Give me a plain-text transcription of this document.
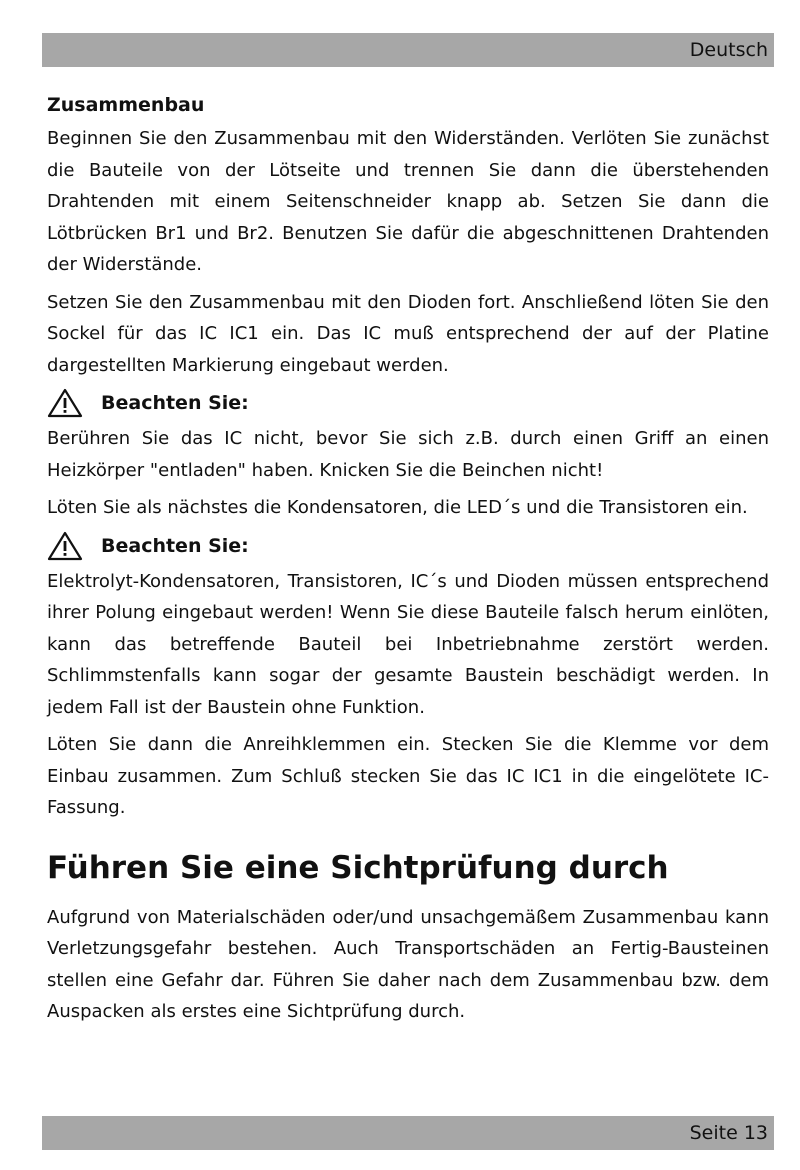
Deutsch
Zusammenbau

Beginnen Sie den Zusammenbau mit den Widerständen. Verlöten Sie zunächst die Bauteile von der Lötseite und trennen Sie dann die überstehenden Drahtenden mit einem Seitenschneider knapp ab. Setzen Sie dann die Lötbrücken Br1 und Br2. Benutzen Sie dafür die abgeschnittenen Drahtenden der Widerstände.

Setzen Sie den Zusammenbau mit den Dioden fort. Anschließend löten Sie den Sockel für das IC IC1 ein. Das IC muß entsprechend der auf der Platine dargestellten Markierung eingebaut werden.

Beachten Sie:

Berühren Sie das IC nicht, bevor Sie sich z.B. durch einen Griff an einen Heizkörper "entladen" haben. Knicken Sie die Beinchen nicht!

Löten Sie als nächstes die Kondensatoren, die LED´s und die Transistoren ein.

Beachten Sie:

Elektrolyt-Kondensatoren, Transistoren, IC´s und Dioden müssen entsprechend ihrer Polung eingebaut werden! Wenn Sie diese Bauteile falsch herum einlöten, kann das betreffende Bauteil bei Inbetriebnahme zerstört werden. Schlimmstenfalls kann sogar der gesamte Baustein beschädigt werden. In jedem Fall ist der Baustein ohne Funktion.

Löten Sie dann die Anreihklemmen ein. Stecken Sie die Klemme vor dem Einbau zusammen. Zum Schluß stecken Sie das IC IC1 in die eingelötete IC-Fassung.

Führen Sie eine Sichtprüfung durch

Aufgrund von Materialschäden oder/und unsachgemäßem Zusammenbau kann Verletzungsgefahr bestehen. Auch Transportschäden an Fertig-Bausteinen stellen eine Gefahr dar. Führen Sie daher nach dem Zusammenbau bzw. dem Auspacken als erstes eine Sichtprüfung durch.

Seite 13
